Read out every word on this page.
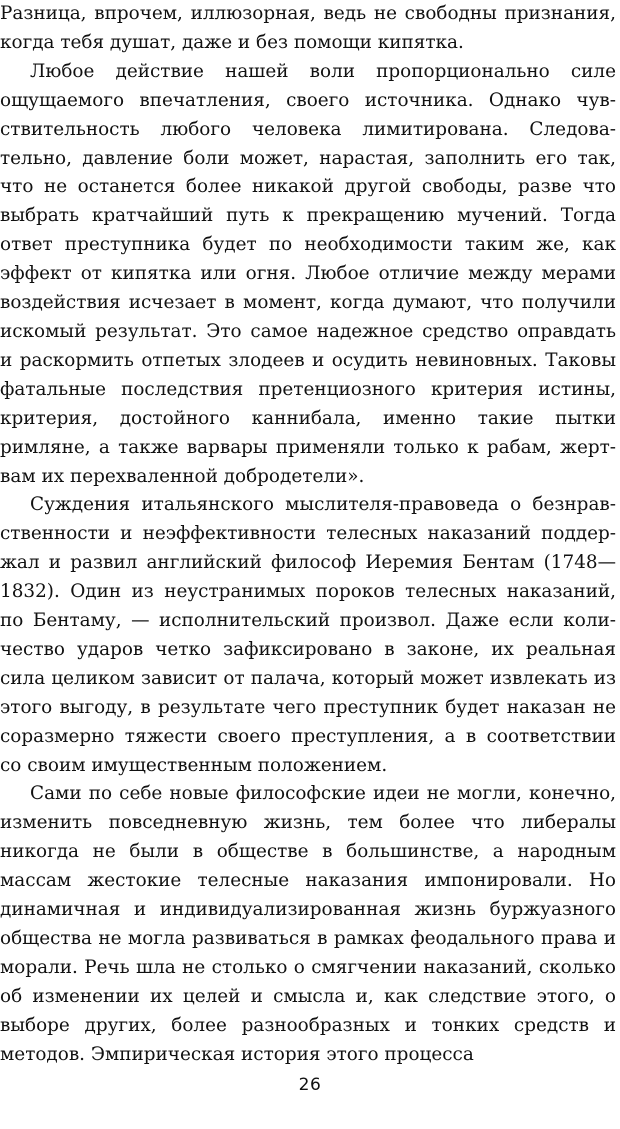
Разница, впрочем, иллюзорная, ведь не свободны признания, когда тебя душат, даже и без помощи кипятка.

Любое действие нашей воли пропорционально силе ощущаемого впечатления, своего источника. Однако чувствительность любого человека лимитирована. Следовательно, давление боли может, нарастая, заполнить его так, что не останется более никакой другой свободы, разве что выбрать кратчайший путь к прекращению мучений. Тогда ответ преступника будет по необходимости таким же, как эффект от кипятка или огня. Любое отличие между мерами воздействия исчезает в момент, когда думают, что получили искомый результат. Это самое надежное средство оправдать и раскормить отпетых злодеев и осудить невиновных. Таковы фатальные последствия претенциозного критерия истины, критерия, достойного каннибала, именно такие пытки римляне, а также варвары применяли только к рабам, жертвам их перехваленной добродетели».

Суждения итальянского мыслителя-правоведа о безнравственности и неэффективности телесных наказаний поддержал и развил английский философ Иеремия Бентам (1748—1832). Один из неустранимых пороков телесных наказаний, по Бентаму, — исполнительский произвол. Даже если количество ударов четко зафиксировано в законе, их реальная сила целиком зависит от палача, который может извлекать из этого выгоду, в результате чего преступник будет наказан не соразмерно тяжести своего преступления, а в соответствии со своим имущественным положением.

Сами по себе новые философские идеи не могли, конечно, изменить повседневную жизнь, тем более что либералы никогда не были в обществе в большинстве, а народным массам жестокие телесные наказания импонировали. Но динамичная и индивидуализированная жизнь буржуазного общества не могла развиваться в рамках феодального права и морали. Речь шла не столько о смягчении наказаний, сколько об изменении их целей и смысла и, как следствие этого, о выборе других, более разнообразных и тонких средств и методов. Эмпирическая история этого процесса

26
